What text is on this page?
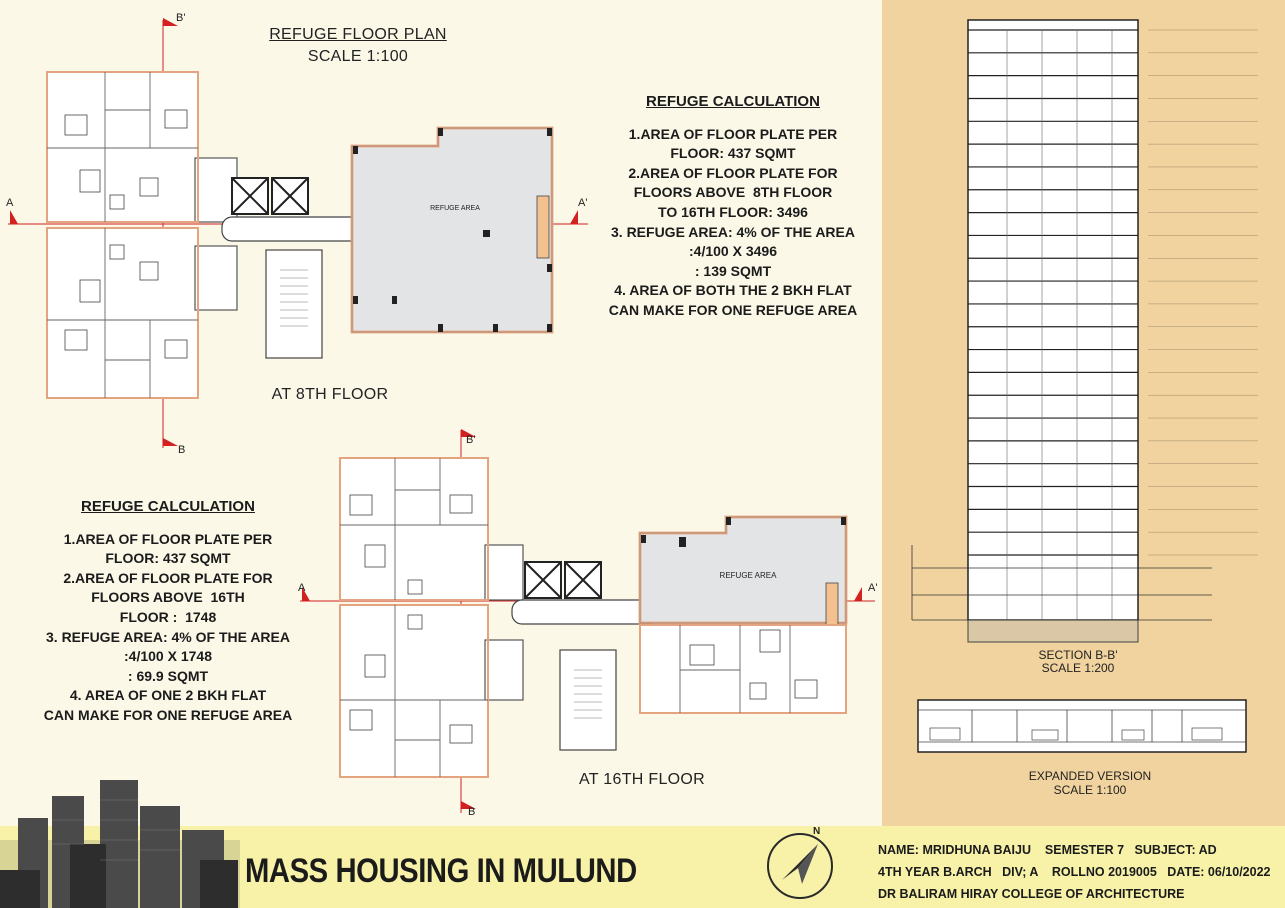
REFUGE FLOOR PLAN
SCALE 1:100
REFUGE AREA
B'
B
A	A'
AT 8TH FLOOR
REFUGE CALCULATION
1.AREA OF FLOOR PLATE PER
FLOOR: 437 SQMT
2.AREA OF FLOOR PLATE FOR
FLOORS ABOVE  8TH FLOOR
TO 16TH FLOOR: 3496
3. REFUGE AREA: 4% OF THE AREA
:4/100 X 3496
: 139 SQMT
4. AREA OF BOTH THE 2 BKH FLAT
CAN MAKE FOR ONE REFUGE AREA
REFUGE CALCULATION
1.AREA OF FLOOR PLATE PER
FLOOR: 437 SQMT
2.AREA OF FLOOR PLATE FOR
FLOORS ABOVE  16TH
FLOOR :  1748
3. REFUGE AREA: 4% OF THE AREA
:4/100 X 1748
: 69.9 SQMT
4. AREA OF ONE 2 BKH FLAT
CAN MAKE FOR ONE REFUGE AREA
REFUGE AREA
B'
B
A	A'
AT 16TH FLOOR
SECTION B-B'
SCALE 1:200
EXPANDED VERSION
SCALE 1:100
MASS HOUSING IN MULUND
N
NAME: MRIDHUNA BAIJU    SEMESTER 7   SUBJECT: AD
4TH YEAR B.ARCH   DIV; A    ROLLNO 2019005   DATE: 06/10/2022
DR BALIRAM HIRAY COLLEGE OF ARCHITECTURE
